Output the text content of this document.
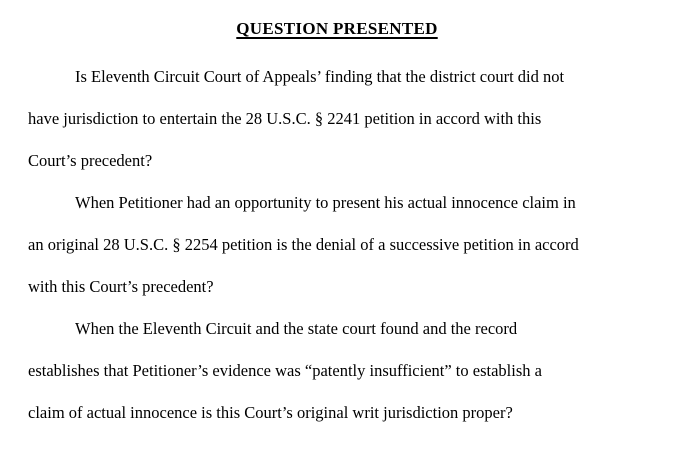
QUESTION PRESENTED
Is Eleventh Circuit Court of Appeals’ finding that the district court did not
have jurisdiction to entertain the 28 U.S.C. § 2241 petition in accord with this
Court’s precedent?
When Petitioner had an opportunity to present his actual innocence claim in
an original 28 U.S.C. § 2254 petition is the denial of a successive petition in accord
with this Court’s precedent?
When the Eleventh Circuit and the state court found and the record
establishes that Petitioner’s evidence was “patently insufficient” to establish a
claim of actual innocence is this Court’s original writ jurisdiction proper?
